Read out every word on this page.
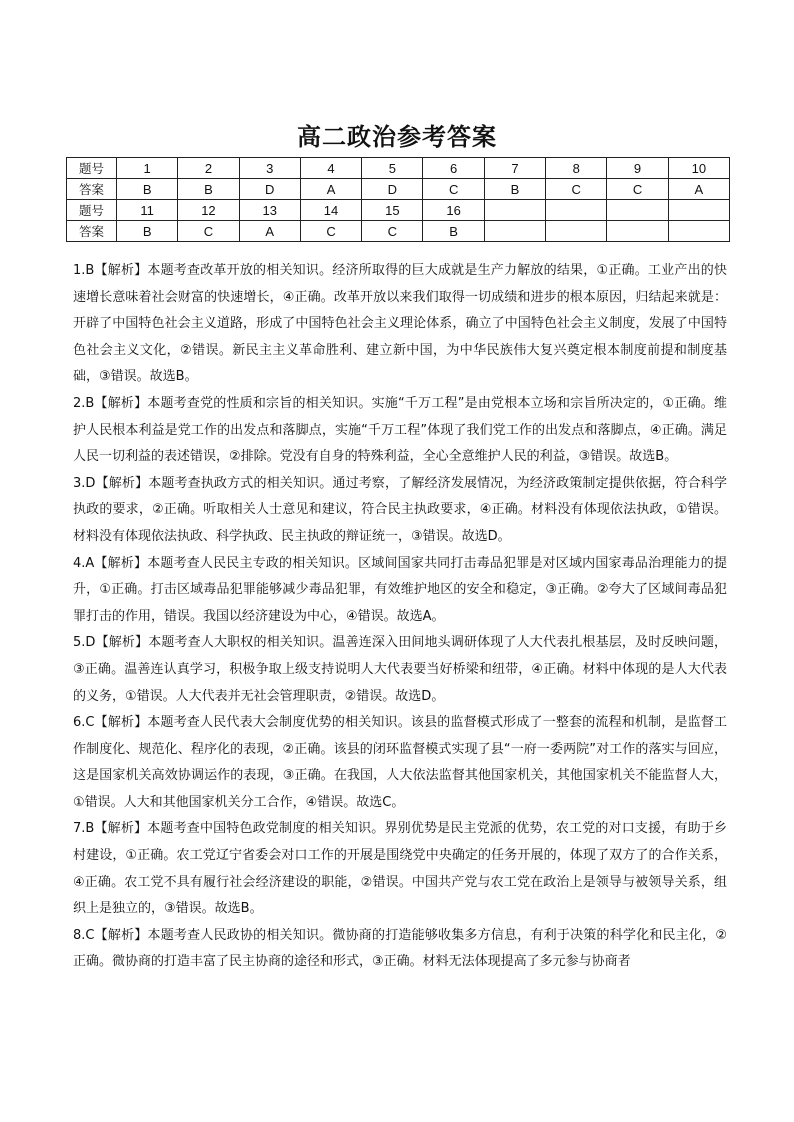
高二政治参考答案
题号	1	2	3	4	5	6	7	8	9	10
答案	B	B	D	A	D	C	B	C	C	A
题号	11	12	13	14	15	16				
答案	B	C	A	C	C	B				

1.B【解析】本题考查改革开放的相关知识。经济所取得的巨大成就是生产力解放的结果，①正确。工业产出的快速增长意味着社会财富的快速增长，④正确。改革开放以来我们取得一切成绩和进步的根本原因，归结起来就是：开辟了中国特色社会主义道路，形成了中国特色社会主义理论体系，确立了中国特色社会主义制度，发展了中国特色社会主义文化，②错误。新民主主义革命胜利、建立新中国，为中华民族伟大复兴奠定根本制度前提和制度基础，③错误。故选B。

2.B【解析】本题考查党的性质和宗旨的相关知识。实施“千万工程”是由党根本立场和宗旨所决定的，①正确。维护人民根本利益是党工作的出发点和落脚点，实施“千万工程”体现了我们党工作的出发点和落脚点，④正确。满足人民一切利益的表述错误，②排除。党没有自身的特殊利益，全心全意维护人民的利益，③错误。故选B。

3.D【解析】本题考查执政方式的相关知识。通过考察，了解经济发展情况，为经济政策制定提供依据，符合科学执政的要求，②正确。听取相关人士意见和建议，符合民主执政要求，④正确。材料没有体现依法执政，①错误。材料没有体现依法执政、科学执政、民主执政的辩证统一，③错误。故选D。

4.A【解析】本题考查人民民主专政的相关知识。区域间国家共同打击毒品犯罪是对区域内国家毒品治理能力的提升，①正确。打击区域毒品犯罪能够减少毒品犯罪，有效维护地区的安全和稳定，③正确。②夸大了区域间毒品犯罪打击的作用，错误。我国以经济建设为中心，④错误。故选A。

5.D【解析】本题考查人大职权的相关知识。温善连深入田间地头调研体现了人大代表扎根基层，及时反映问题，③正确。温善连认真学习，积极争取上级支持说明人大代表要当好桥梁和纽带，④正确。材料中体现的是人大代表的义务，①错误。人大代表并无社会管理职责，②错误。故选D。

6.C【解析】本题考查人民代表大会制度优势的相关知识。该县的监督模式形成了一整套的流程和机制，是监督工作制度化、规范化、程序化的表现，②正确。该县的闭环监督模式实现了县“一府一委两院”对工作的落实与回应，这是国家机关高效协调运作的表现，③正确。在我国，人大依法监督其他国家机关，其他国家机关不能监督人大，①错误。人大和其他国家机关分工合作，④错误。故选C。

7.B【解析】本题考查中国特色政党制度的相关知识。界别优势是民主党派的优势，农工党的对口支援，有助于乡村建设，①正确。农工党辽宁省委会对口工作的开展是围绕党中央确定的任务开展的，体现了双方了的合作关系，④正确。农工党不具有履行社会经济建设的职能，②错误。中国共产党与农工党在政治上是领导与被领导关系，组织上是独立的，③错误。故选B。

8.C【解析】本题考查人民政协的相关知识。微协商的打造能够收集多方信息，有利于决策的科学化和民主化，②正确。微协商的打造丰富了民主协商的途径和形式，③正确。材料无法体现提高了多元参与协商者
